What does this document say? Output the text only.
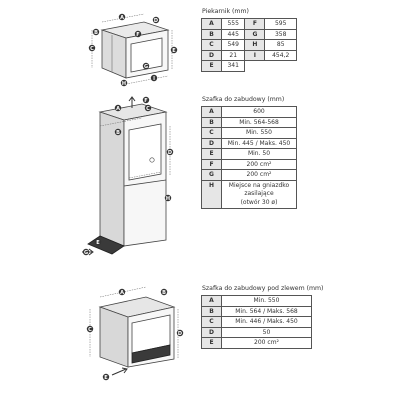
A
B
C
D
E
F
G
H
I
Piekarnik (mm)
A	555	F	595
B	445	G	358
C	549	H	85
D	21	I	454,2
E	341		
A
B
C
D
E
F
G
H
Szafka do zabudowy (mm)
A	600
B	Min. 564-568
C	Min. 550
D	Min. 445 / Maks. 450
E	Min. 50
F	200 cm²
G	200 cm²
H	Miejsce na gniazdko
zasilające
(otwór 30 ø)
A	B
C
D
E
Szafka do zabudowy pod zlewem (mm)
A	Min. 550
B	Min. 564 / Maks. 568
C	Min. 446 / Maks. 450
D	50
E	200 cm²
